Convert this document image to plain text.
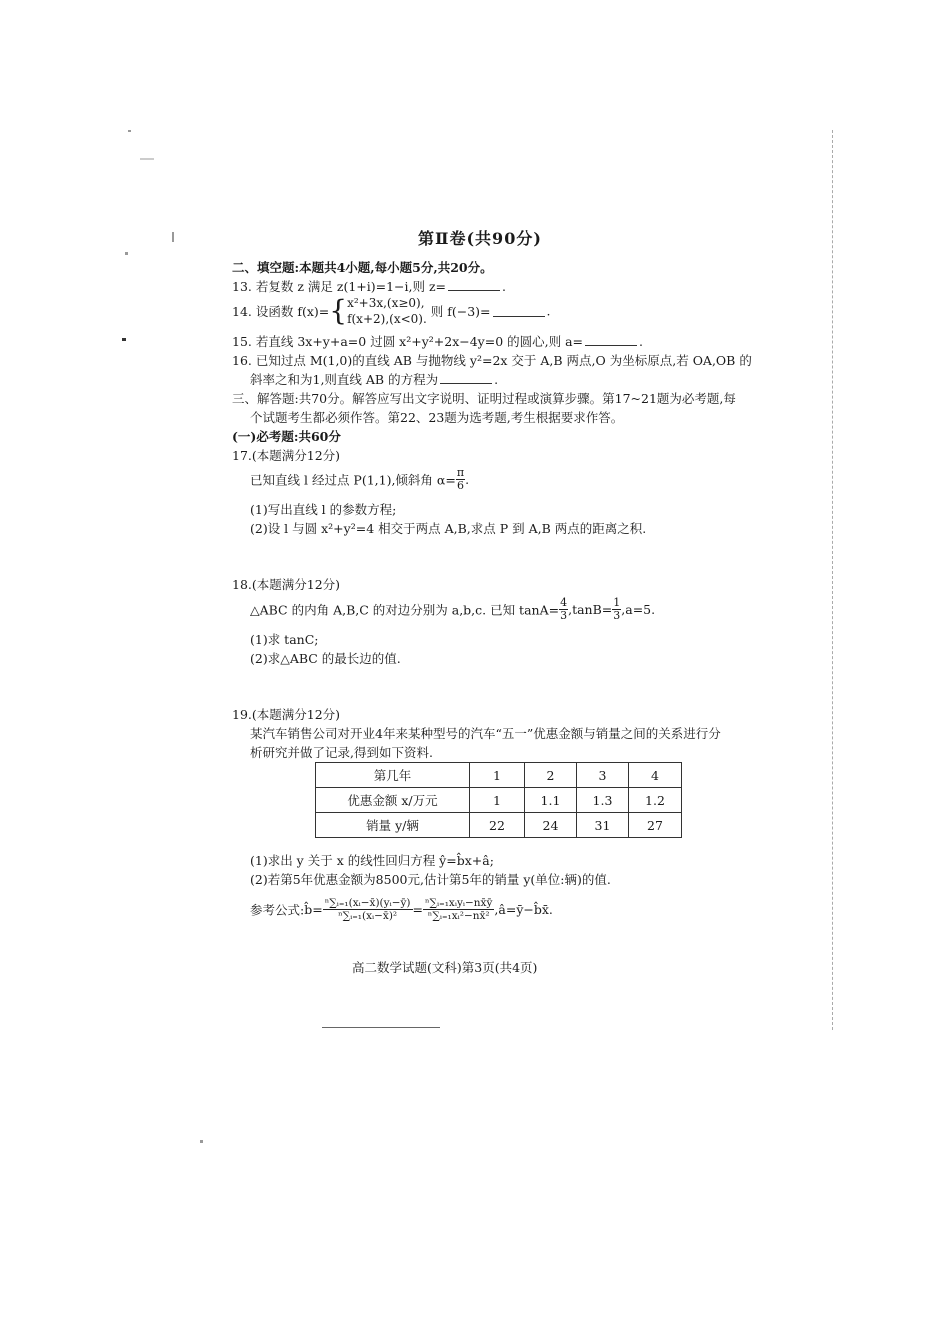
第Ⅱ卷(共90分)
二、填空题:本题共4小题,每小题5分,共20分。
13. 若复数 z 满足 z(1+i)=1−i,则 z=	.
14. 设函数 f(x)={ x²+3x,(x≥0),
f(x+2),(x<0). 则 f(−3)=	.
15. 若直线 3x+y+a=0 过圆 x²+y²+2x−4y=0 的圆心,则 a=	.
16. 已知过点 M(1,0)的直线 AB 与抛物线 y²=2x 交于 A,B 两点,O 为坐标原点,若 OA,OB 的
斜率之和为1,则直线 AB 的方程为	.
三、解答题:共70分。解答应写出文字说明、证明过程或演算步骤。第17~21题为必考题,每
个试题考生都必须作答。第22、23题为选考题,考生根据要求作答。
(一)必考题:共60分
17.(本题满分12分)
已知直线 l 经过点 P(1,1),倾斜角 $\alpha= \frac{\pi}{6}$ .
(1)写出直线 l 的参数方程;
(2)设 l 与圆 x²+y²=4 相交于两点 A,B,求点 P 到 A,B 两点的距离之积.
18.(本题满分12分)
△ABC 的内角 A,B,C 的对边分别为 a,b,c. 已知 $\tan A= \frac{4}{3} ,\tan B= \frac{1}{3} ,a=5$.
(1)求 tanC;
(2)求△ABC 的最长边的值.
19.(本题满分12分)
某汽车销售公司对开业4年来某种型号的汽车“五一”优惠金额与销量之间的关系进行分
析研究并做了记录,得到如下资料.
第几年	1	2	3	4
优惠金额 x/万元	1	1.1	1.3	1.2
销量 y/辆	22	24	31	27
(1)求出 y 关于 x 的线性回归方程 ŷ=b̂x+â;
(2)若第5年优惠金额为8500元,估计第5年的销量 y(单位:辆)的值.
参考公式:b̂= $\frac{\text{ⁿ∑ᵢ₌₁(xᵢ−x̄)(yᵢ−ȳ)}}{\text{ⁿ∑ᵢ₌₁(xᵢ−x̄)²}} = \frac{\text{ⁿ∑ᵢ₌₁xᵢyᵢ−nx̄ȳ}}{\text{ⁿ∑ᵢ₌₁xᵢ²−nx̄²}}$ ,â=ȳ−b̂x̄.
高二数学试题(文科)第3页(共4页)
